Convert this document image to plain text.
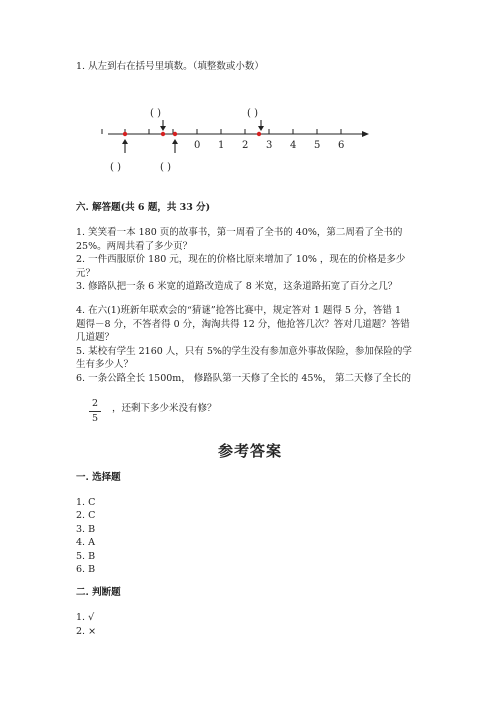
1. 从左到右在括号里填数。（填整数或小数）
( )	( )
( )	( )
0 1 2 3 4 5 6
六. 解答题(共 6 题，共 33 分)
1. 笑笑看一本 180 页的故事书，第一周看了全书的 40%，第二周看了全书的
25%。两周共看了多少页？
2. 一件西服原价 180 元，现在的价格比原来增加了 10% ，现在的价格是多少
元？
3. 修路队把一条 6 米宽的道路改造成了 8 米宽，这条道路拓宽了百分之几？
4. 在六(1)班新年联欢会的“猜谜”抢答比赛中，规定答对 1 题得 5 分，答错 1
题得－8 分，不答者得 0 分，淘淘共得 12 分，他抢答几次？答对几道题？答错
几道题？
5. 某校有学生 2160 人，只有 5%的学生没有参加意外事故保险，参加保险的学
生有多少人？
6. 一条公路全长 1500m， 修路队第一天修了全长的 45%， 第二天修了全长的
2
5
，还剩下多少米没有修？
参考答案
一. 选择题
1. C
2. C
3. B
4. A
5. B
6. B
二. 判断题
1. √
2. ×
